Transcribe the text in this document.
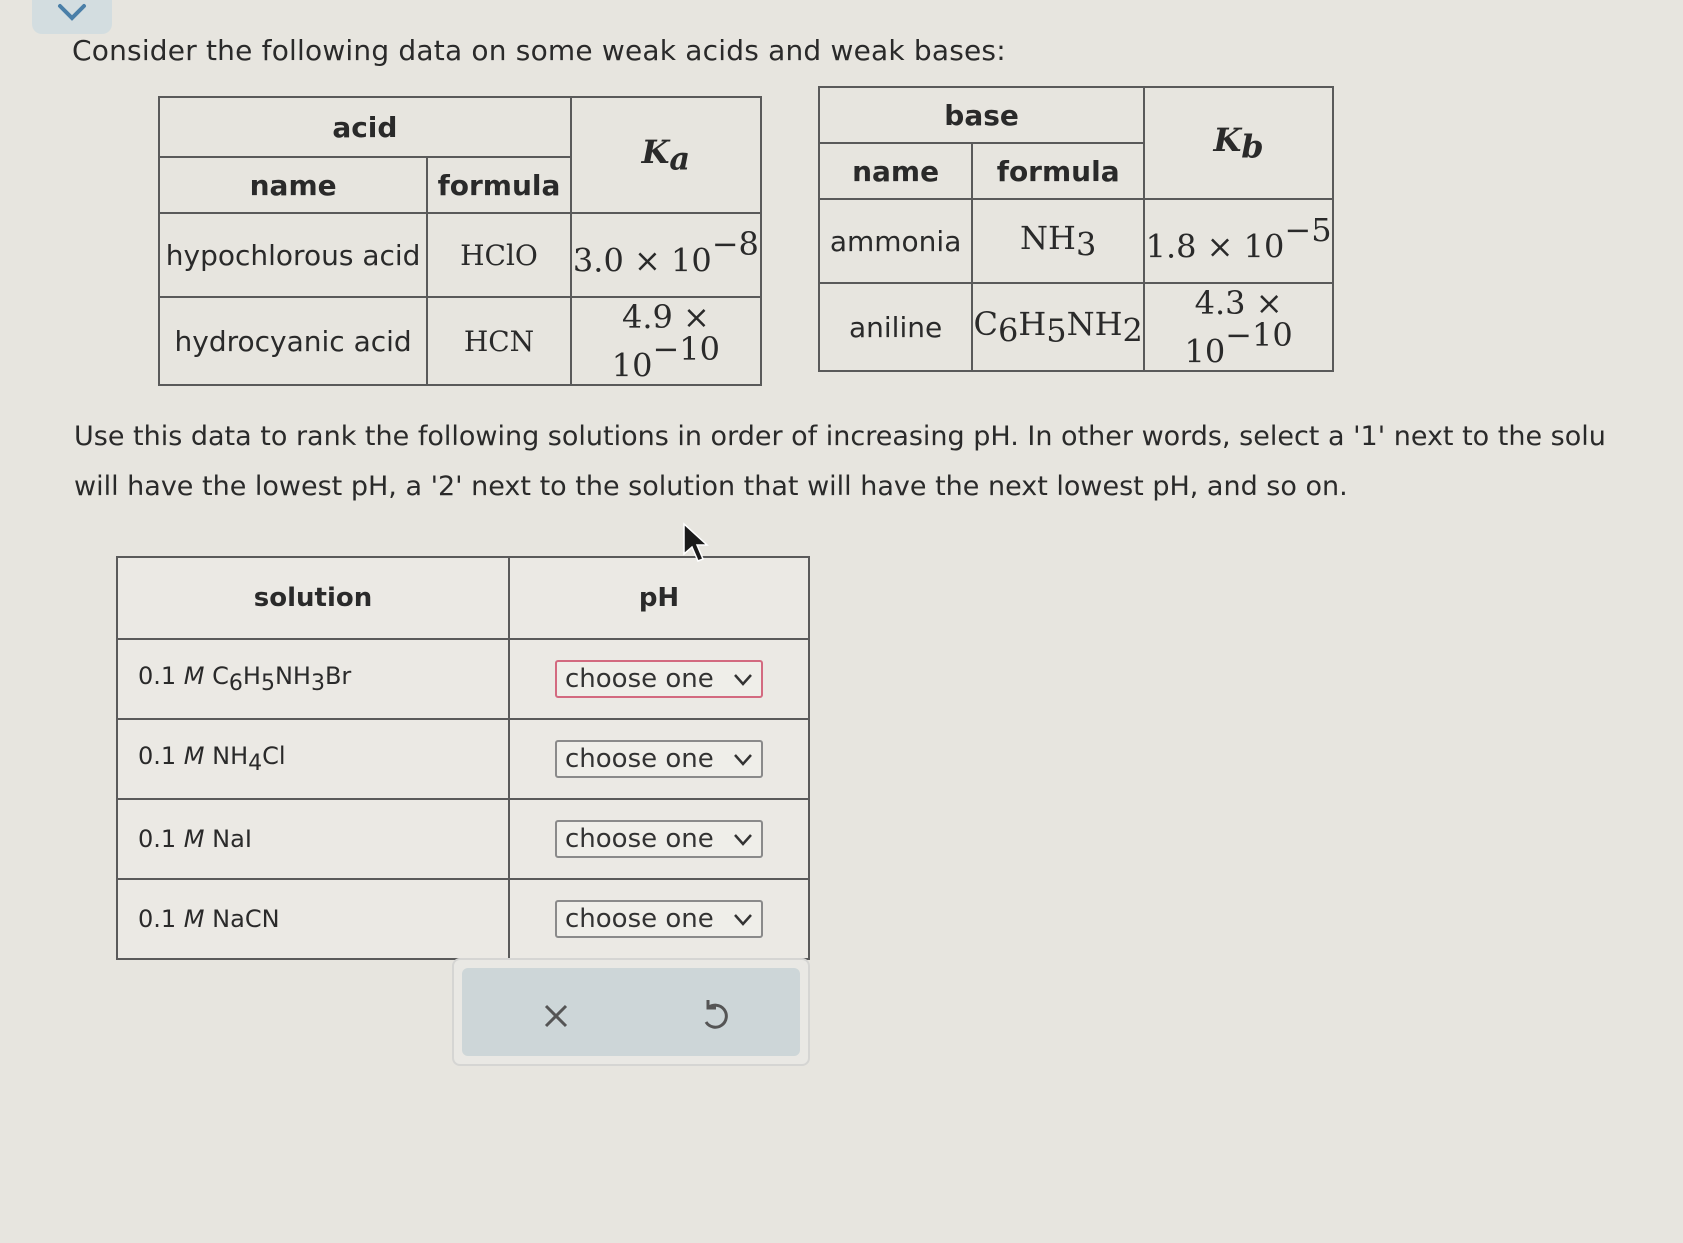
Consider the following data on some weak acids and weak bases:
acid		$K_a$
name	formula	
hypochlorous acid	HClO	$3.0 \times 10^{-8}$
hydrocyanic acid	HCN	$4.9 \times 10^{-10}$
base		$K_b$
name	formula	
ammonia	$NH_3$	$1.8 \times 10^{-5}$
aniline	$C_6H_5NH_2$	$4.3 \times 10^{-10}$
Use this data to rank the following solutions in order of increasing pH. In other words, select a '1' next to the solu
will have the lowest pH, a '2' next to the solution that will have the next lowest pH, and so on.
solution	pH
0.1 M $C_6H_5NH_3Br$	choose one

0.1 M $NH_4Cl$	choose one

0.1 M NaI	choose one

0.1 M NaCN	choose one
